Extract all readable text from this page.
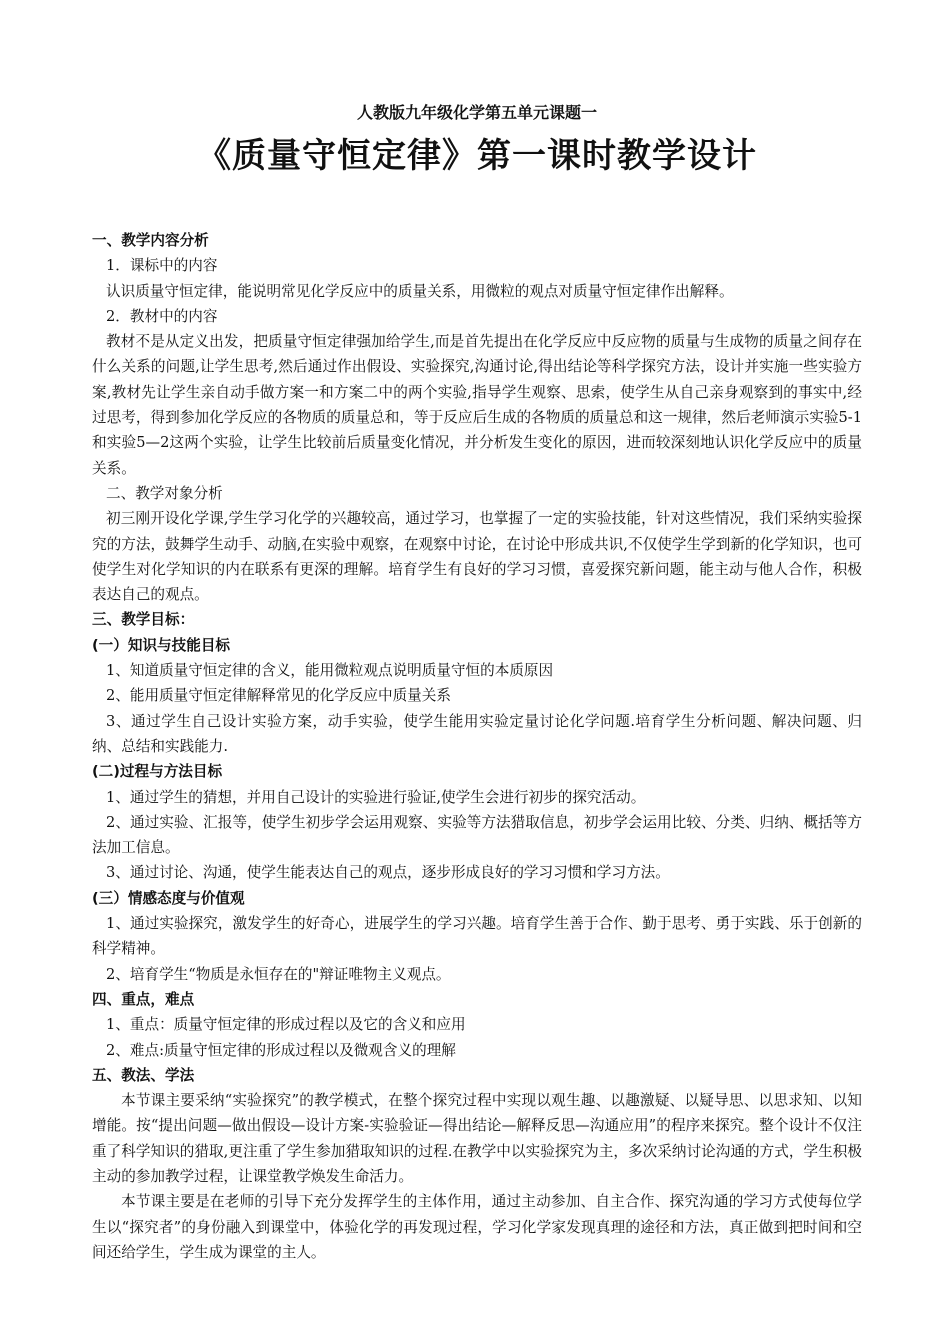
人教版九年级化学第五单元课题一
《质量守恒定律》第一课时教学设计

一、教学内容分析

1．课标中的内容

认识质量守恒定律，能说明常见化学反应中的质量关系，用微粒的观点对质量守恒定律作出解释。

2．教材中的内容

教材不是从定义出发，把质量守恒定律强加给学生,而是首先提出在化学反应中反应物的质量与生成物的质量之间存在什么关系的问题,让学生思考,然后通过作出假设、实验探究,沟通讨论,得出结论等科学探究方法，设计并实施一些实验方案,教材先让学生亲自动手做方案一和方案二中的两个实验,指导学生观察、思索，使学生从自己亲身观察到的事实中,经过思考，得到参加化学反应的各物质的质量总和，等于反应后生成的各物质的质量总和这一规律，然后老师演示实验5-1和实验5—2这两个实验，让学生比较前后质量变化情况，并分析发生变化的原因，进而较深刻地认识化学反应中的质量关系。

二、教学对象分析

初三刚开设化学课,学生学习化学的兴趣较高，通过学习，也掌握了一定的实验技能，针对这些情况，我们采纳实验探究的方法，鼓舞学生动手、动脑,在实验中观察，在观察中讨论，在讨论中形成共识,不仅使学生学到新的化学知识，也可使学生对化学知识的内在联系有更深的理解。培育学生有良好的学习习惯，喜爱探究新问题，能主动与他人合作，积极表达自己的观点。

三、教学目标：

(一）知识与技能目标

1、知道质量守恒定律的含义，能用微粒观点说明质量守恒的本质原因

2、能用质量守恒定律解释常见的化学反应中质量关系

3、通过学生自己设计实验方案，动手实验，使学生能用实验定量讨论化学问题.培育学生分析问题、解决问题、归纳、总结和实践能力.

(二)过程与方法目标

1、通过学生的猜想，并用自己设计的实验进行验证,使学生会进行初步的探究活动。

2、通过实验、汇报等，使学生初步学会运用观察、实验等方法猎取信息，初步学会运用比较、分类、归纳、概括等方法加工信息。

3、通过讨论、沟通，使学生能表达自己的观点，逐步形成良好的学习习惯和学习方法。

(三）情感态度与价值观

1、通过实验探究，激发学生的好奇心，进展学生的学习兴趣。培育学生善于合作、勤于思考、勇于实践、乐于创新的科学精神。

2、培育学生“物质是永恒存在的"辩证唯物主义观点。

四、重点，难点

1、重点：质量守恒定律的形成过程以及它的含义和应用

2、难点:质量守恒定律的形成过程以及微观含义的理解

五、教法、学法

本节课主要采纳“实验探究”的教学模式，在整个探究过程中实现以观生趣、以趣激疑、以疑导思、以思求知、以知增能。按“提出问题—做出假设—设计方案-实验验证—得出结论—解释反思—沟通应用”的程序来探究。整个设计不仅注重了科学知识的猎取,更注重了学生参加猎取知识的过程.在教学中以实验探究为主，多次采纳讨论沟通的方式，学生积极主动的参加教学过程，让课堂教学焕发生命活力。

本节课主要是在老师的引导下充分发挥学生的主体作用，通过主动参加、自主合作、探究沟通的学习方式使每位学生以“探究者”的身份融入到课堂中，体验化学的再发现过程，学习化学家发现真理的途径和方法，真正做到把时间和空间还给学生，学生成为课堂的主人。
